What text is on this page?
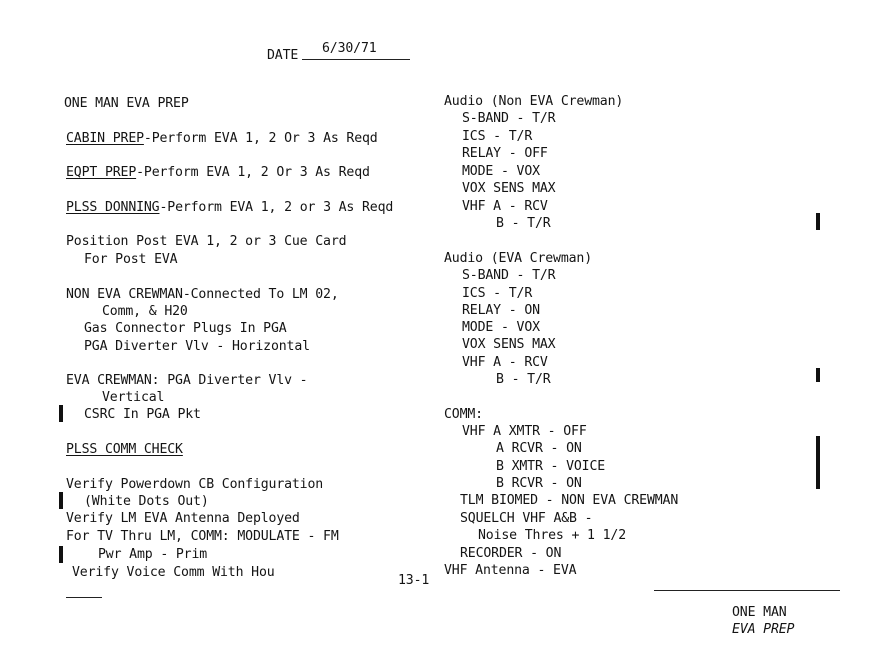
DATE 6/30/71
ONE MAN EVA PREP
CABIN PREP-Perform EVA 1, 2 Or 3 As Reqd
EQPT PREP-Perform EVA 1, 2 Or 3 As Reqd
PLSS DONNING-Perform EVA 1, 2 or 3 As Reqd
Position Post EVA 1, 2 or 3 Cue Card
For Post EVA
NON EVA CREWMAN-Connected To LM 02,
Comm, & H20
Gas Connector Plugs In PGA
PGA Diverter Vlv - Horizontal
EVA CREWMAN: PGA Diverter Vlv -
Vertical
CSRC In PGA Pkt
PLSS COMM CHECK
Verify Powerdown CB Configuration
(White Dots Out)
Verify LM EVA Antenna Deployed
For TV Thru LM, COMM: MODULATE - FM
Pwr Amp - Prim
Verify Voice Comm With Hou
Audio (Non EVA Crewman)
S-BAND - T/R
ICS - T/R
RELAY - OFF
MODE - VOX
VOX SENS MAX
VHF A - RCV
B - T/R
Audio (EVA Crewman)
S-BAND - T/R
ICS - T/R
RELAY - ON
MODE - VOX
VOX SENS MAX
VHF A - RCV
B - T/R
COMM:
VHF A XMTR - OFF
A RCVR - ON
B XMTR - VOICE
B RCVR - ON
TLM BIOMED - NON EVA CREWMAN
SQUELCH VHF A&B -
Noise Thres + 1 1/2
RECORDER - ON
VHF Antenna - EVA
13-1
ONE MAN
EVA PREP
